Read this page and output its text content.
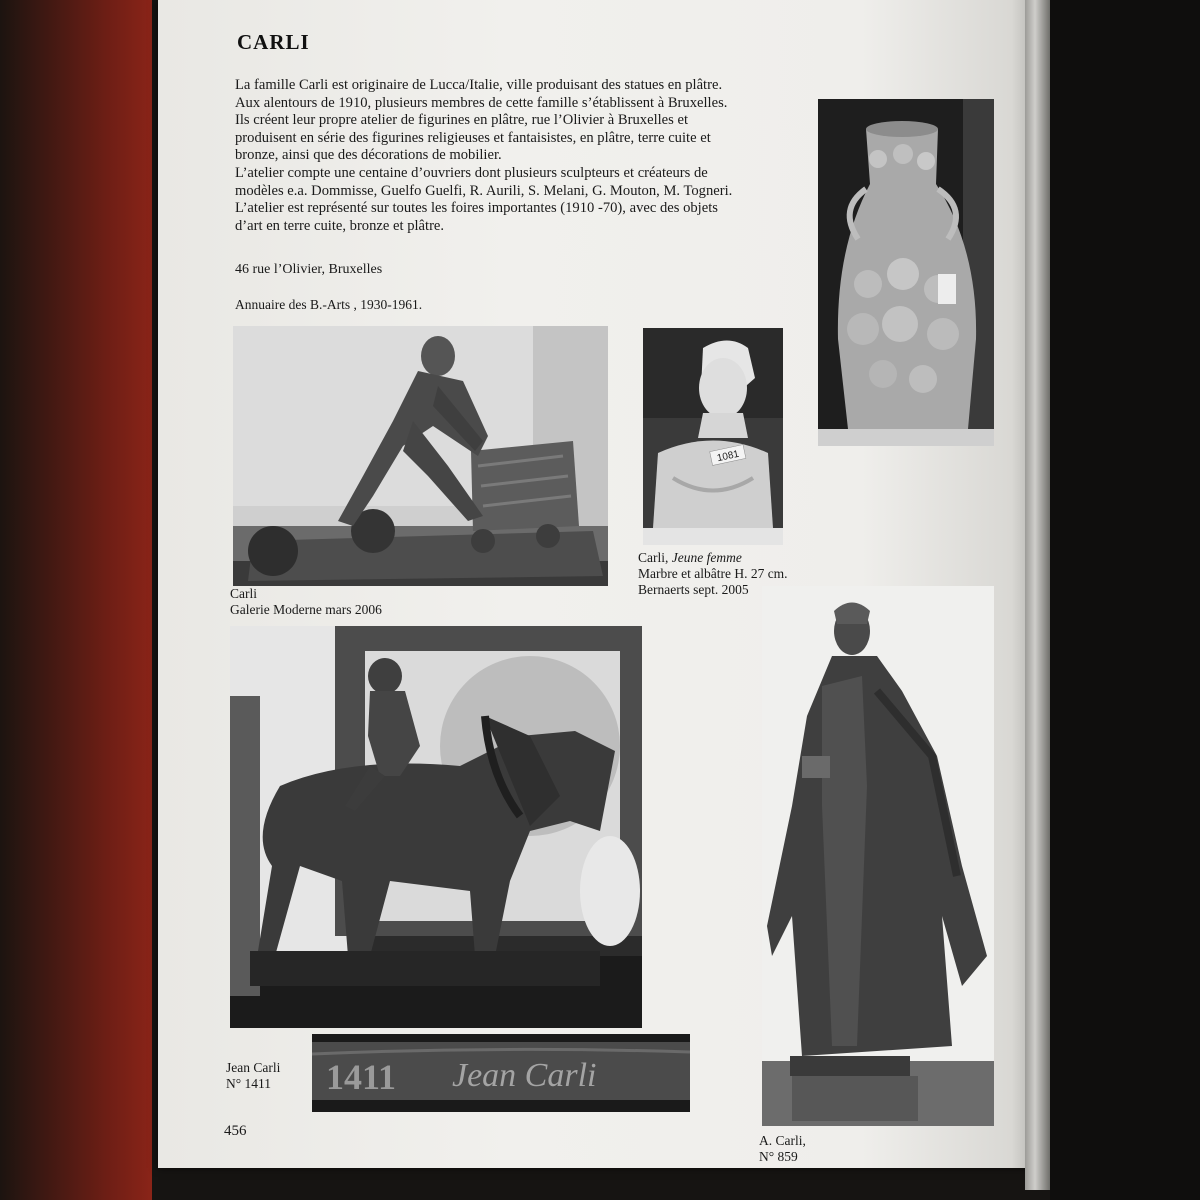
CARLI

La famille Carli est originaire de Lucca/Italie, ville produisant des statues en plâtre.

Aux alentours de 1910, plusieurs membres de cette famille s’établissent à Bruxelles.

Ils créent leur propre atelier de figurines en plâtre, rue l’Olivier à Bruxelles et

produisent en série des figurines religieuses et fantaisistes, en plâtre, terre cuite et

bronze, ainsi que des décorations de mobilier.

L’atelier compte une centaine d’ouvriers dont plusieurs sculpteurs et créateurs de

modèles e.a. Dommisse, Guelfo Guelfi, R. Aurili, S. Melani, G. Mouton, M. Togneri.

L’atelier est représenté sur toutes les foires importantes (1910 -70), avec des objets

d’art en terre cuite, bronze et plâtre.

46 rue l’Olivier, Bruxelles

Annuaire des B.-Arts , 1930-1961.

1081
1411 Jean Carli
Carli
Galerie Moderne mars 2006
Carli, Jeune femme
Marbre et albâtre H. 27 cm.
Bernaerts sept. 2005
Jean Carli
N° 1411
A. Carli,
N° 859
456
